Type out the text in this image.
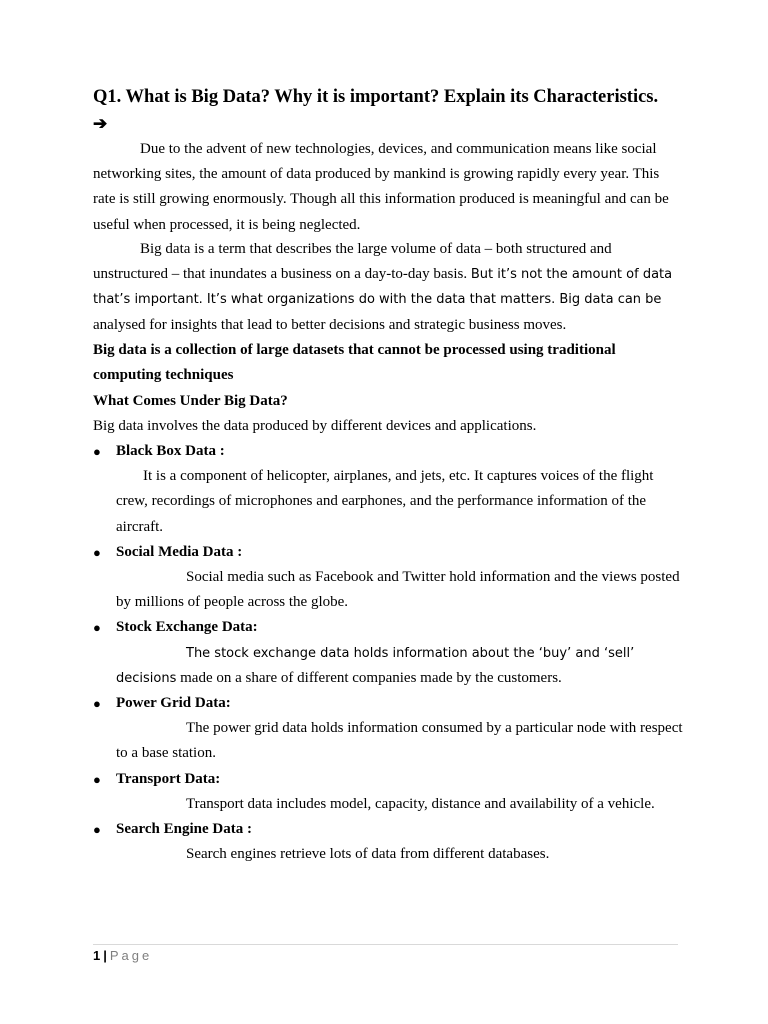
Q1. What is Big Data? Why it is important? Explain its Characteristics.
➔
Due to the advent of new technologies, devices, and communication means like social networking sites, the amount of data produced by mankind is growing rapidly every year. This rate is still growing enormously. Though all this information produced is meaningful and can be useful when processed, it is being neglected.
Big data is a term that describes the large volume of data – both structured and unstructured – that inundates a business on a day-to-day basis. But it’s not the amount of data that’s important. It’s what organizations do with the data that matters. Big data can be analysed for insights that lead to better decisions and strategic business moves.
Big data is a collection of large datasets that cannot be processed using traditional computing techniques
What Comes Under Big Data?
Big data involves the data produced by different devices and applications.
● Black Box Data :
It is a component of helicopter, airplanes, and jets, etc. It captures voices of the flight crew, recordings of microphones and earphones, and the performance information of the aircraft.
● Social Media Data :
Social media such as Facebook and Twitter hold information and the views posted by millions of people across the globe.
● Stock Exchange Data:
The stock exchange data holds information about the ‘buy’ and ‘sell’ decisions made on a share of different companies made by the customers.
● Power Grid Data:
The power grid data holds information consumed by a particular node with respect to a base station.
● Transport Data:
Transport data includes model, capacity, distance and availability of a vehicle.
● Search Engine Data :
Search engines retrieve lots of data from different databases.
1 | Page
